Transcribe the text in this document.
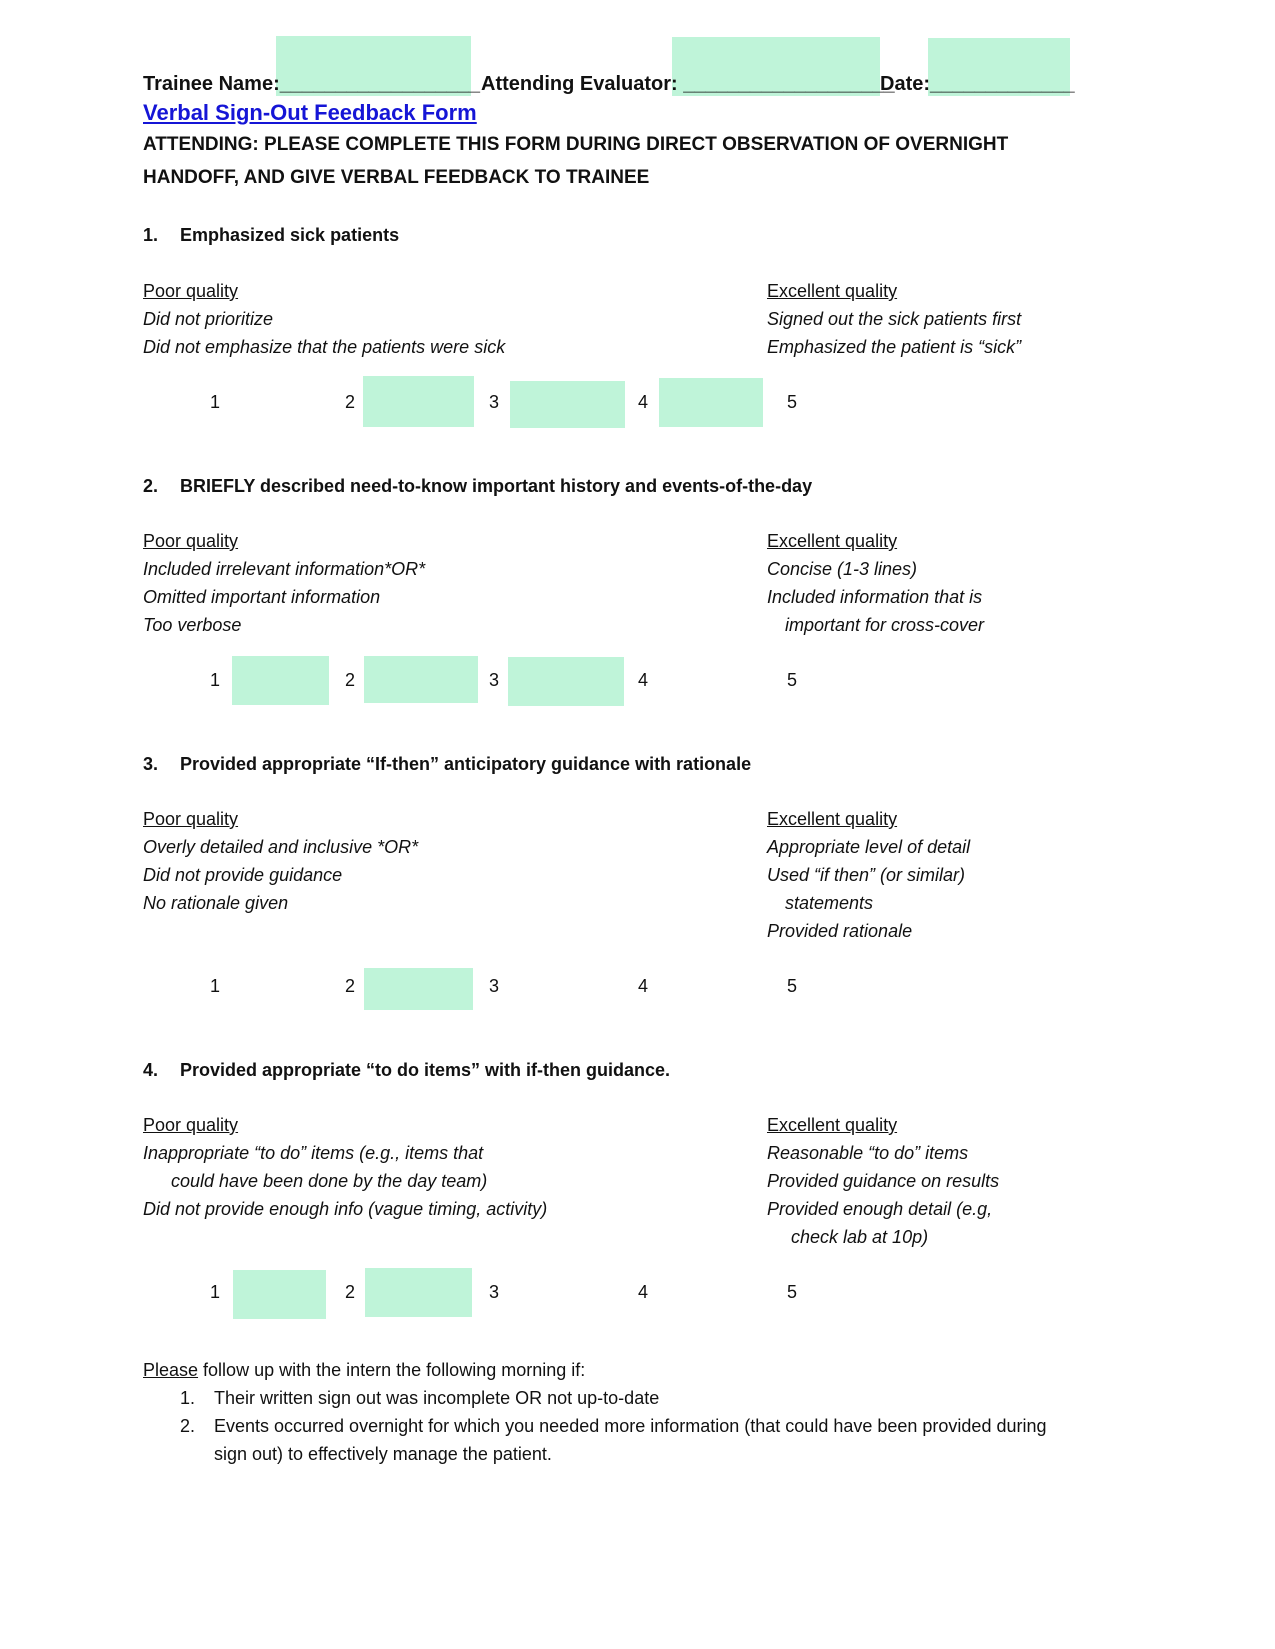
Trainee Name:__________________ Attending Evaluator: ___________________
Date:_____________
Verbal Sign-Out Feedback Form
ATTENDING: PLEASE COMPLETE THIS FORM DURING DIRECT OBSERVATION OF OVERNIGHT
HANDOFF, AND GIVE VERBAL FEEDBACK TO TRAINEE
1. Emphasized sick patients
Poor quality
Did not prioritize
Did not emphasize that the patients were sick
Excellent quality
Signed out the sick patients first
Emphasized the patient is “sick”
1	2	3	4	5
2. BRIEFLY described need-to-know important history and events-of-the-day
Poor quality
Included irrelevant information*OR*
Omitted important information
Too verbose
Excellent quality
Concise (1-3 lines)
Included information that is
important for cross-cover
1	2	3	4	5
3. Provided appropriate “If-then” anticipatory guidance with rationale
Poor quality
Overly detailed and inclusive *OR*
Did not provide guidance
No rationale given
Excellent quality
Appropriate level of detail
Used “if then” (or similar)
statements
Provided rationale
1	2	3	4	5
4. Provided appropriate “to do items” with if-then guidance.
Poor quality
Inappropriate “to do” items (e.g., items that
could have been done by the day team)
Did not provide enough info (vague timing, activity)
Excellent quality
Reasonable “to do” items
Provided guidance on results
Provided enough detail (e.g,
check lab at 10p)
1	2	3	4	5
Please follow up with the intern the following morning if:
1.	Their written sign out was incomplete OR not up-to-date
2.	Events occurred overnight for which you needed more information (that could have been provided during
sign out) to effectively manage the patient.
